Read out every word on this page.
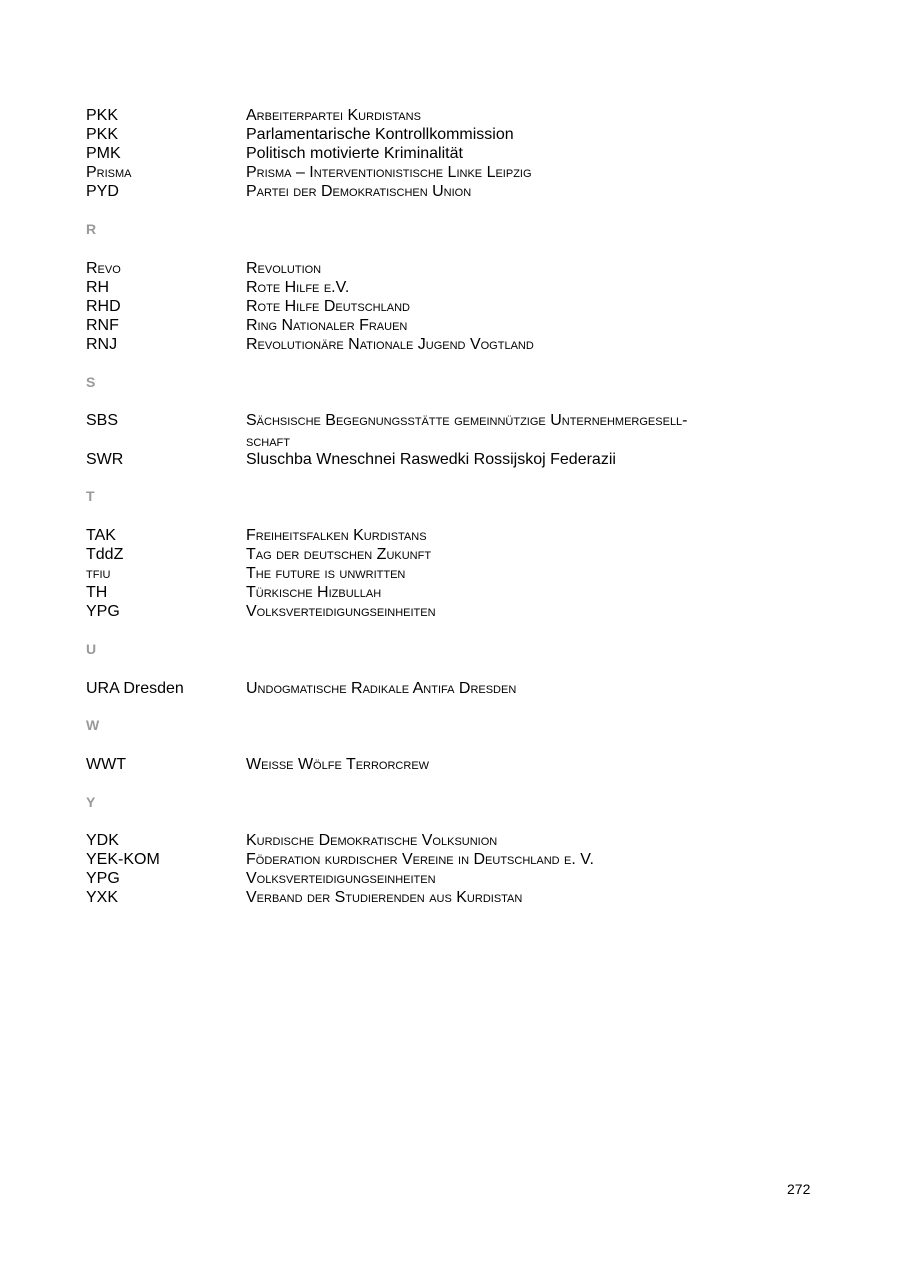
PKK	Arbeiterpartei Kurdistans
PKK	Parlamentarische Kontrollkommission
PMK	Politisch motivierte Kriminalität
Prisma	Prisma – Interventionistische Linke Leipzig
PYD	Partei der Demokratischen Union
R
Revo	Revolution
RH	Rote Hilfe e.V.
RHD	Rote Hilfe Deutschland
RNF	Ring Nationaler Frauen
RNJ	Revolutionäre Nationale Jugend Vogtland
S
SBS	Sächsische Begegnungsstätte gemeinnützige Unternehmergesell-
schaft
SWR	Sluschba Wneschnei Raswedki Rossijskoj Federazii
T
TAK	Freiheitsfalken Kurdistans
TddZ	Tag der deutschen Zukunft
tfiu	The future is unwritten
TH	Türkische Hizbullah
YPG	Volksverteidigungseinheiten
U
URA Dresden	Undogmatische Radikale Antifa Dresden
W
WWT	Weiße Wölfe Terrorcrew
Y
YDK	Kurdische Demokratische Volksunion
YEK-KOM	Föderation kurdischer Vereine in Deutschland e. V.
YPG	Volksverteidigungseinheiten
YXK	Verband der Studierenden aus Kurdistan
272
